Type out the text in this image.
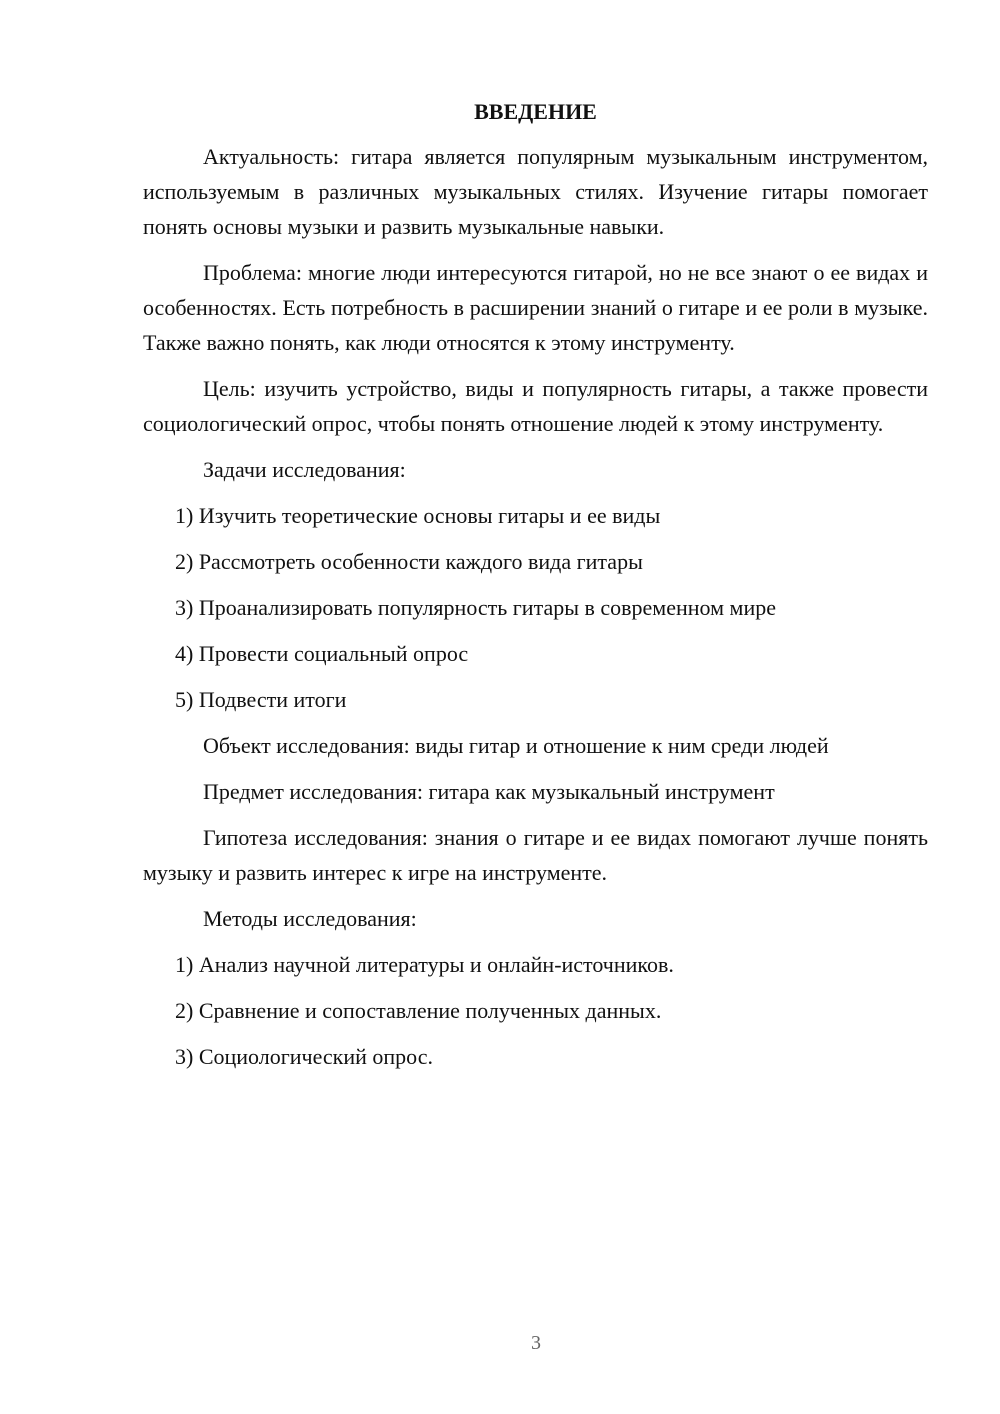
ВВЕДЕНИЕ

Актуальность: гитара является популярным музыкальным инструментом, используемым в различных музыкальных стилях. Изучение гитары помогает понять основы музыки и развить музыкальные навыки.

Проблема: многие люди интересуются гитарой, но не все знают о ее видах и особенностях. Есть потребность в расширении знаний о гитаре и ее роли в музыке. Также важно понять, как люди относятся к этому инструменту.

Цель: изучить устройство, виды и популярность гитары, а также провести социологический опрос, чтобы понять отношение людей к этому инструменту.

Задачи исследования:
1) Изучить теоретические основы гитары и ее виды
2) Рассмотреть особенности каждого вида гитары
3) Проанализировать популярность гитары в современном мире
4) Провести социальный опрос
5) Подвести итоги
Объект исследования: виды гитар и отношение к ним среди людей
Предмет исследования: гитара как музыкальный инструмент

Гипотеза исследования: знания о гитаре и ее видах помогают лучше понять музыку и развить интерес к игре на инструменте.

Методы исследования:
1) Анализ научной литературы и онлайн-источников.
2) Сравнение и сопоставление полученных данных.
3) Социологический опрос.
3
